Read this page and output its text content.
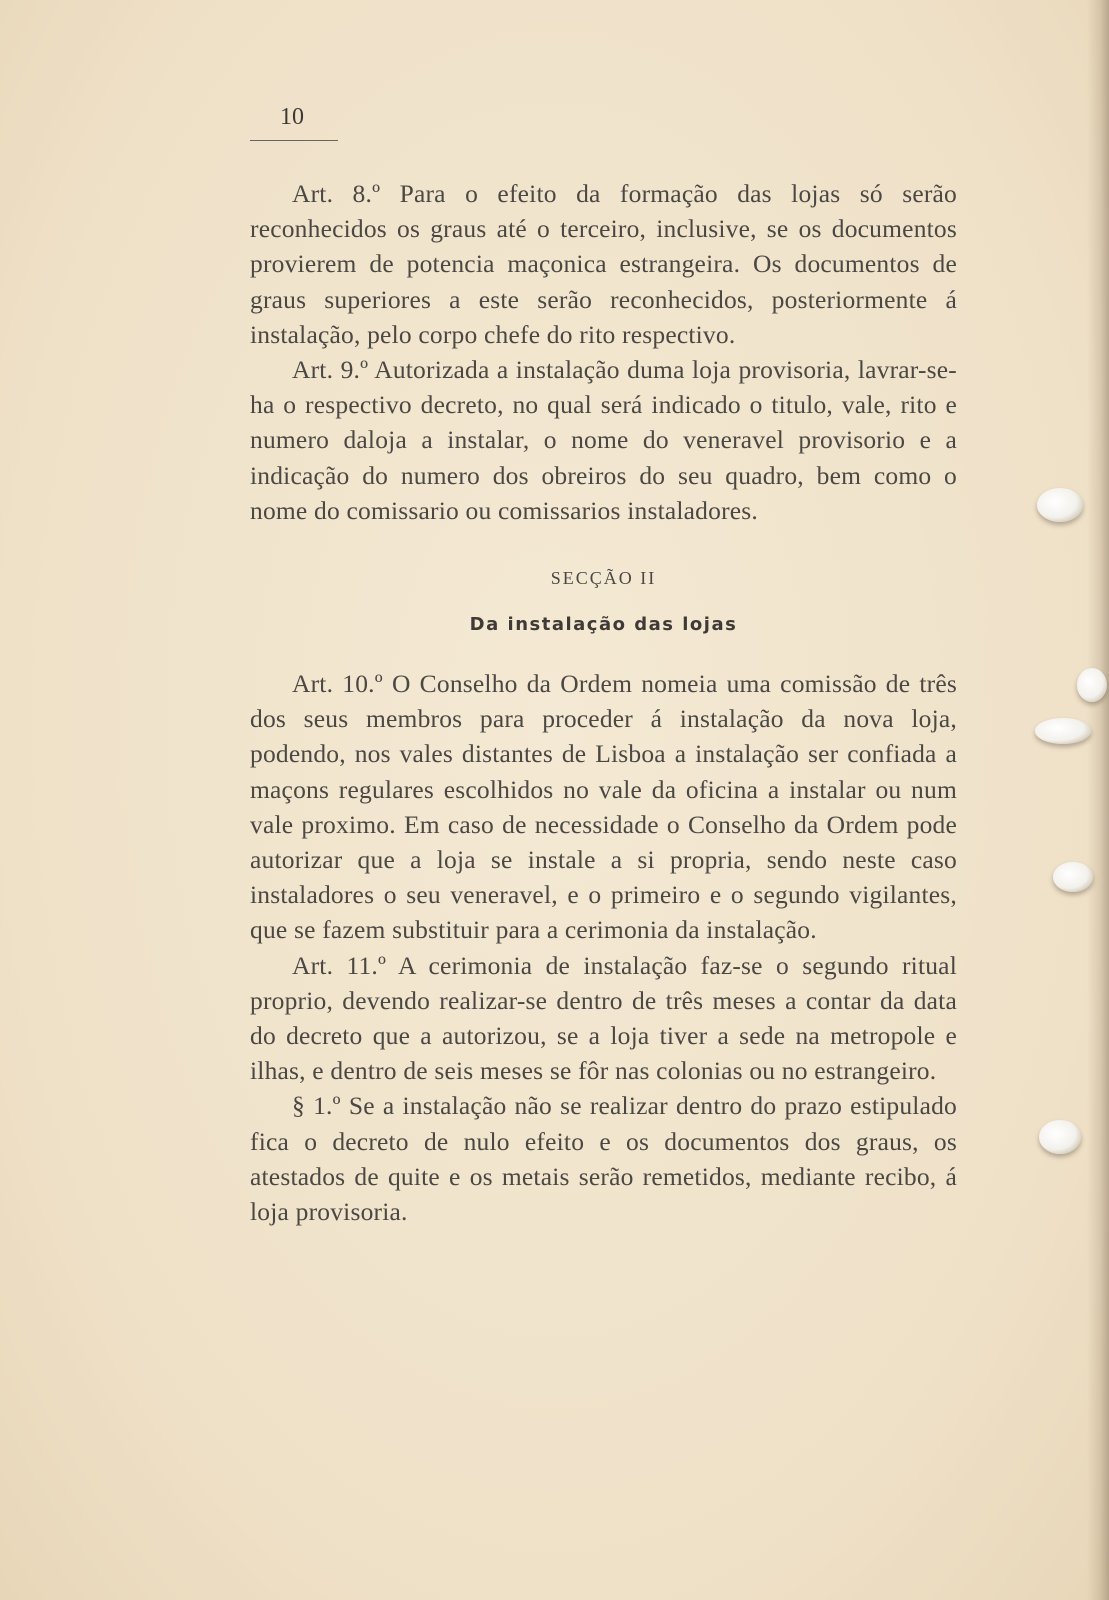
10

Art. 8.º Para o efeito da formação das lojas só serão reconhecidos os graus até o terceiro, inclusive, se os documentos provierem de potencia maçonica estrangeira. Os documentos de graus superiores a este serão reconhecidos, posteriormente á instalação, pelo corpo chefe do rito respectivo.

Art. 9.º Autorizada a instalação duma loja provisoria, lavrar-se-ha o respectivo decreto, no qual será indicado o titulo, vale, rito e numero daloja a instalar, o nome do veneravel provisorio e a indicação do numero dos obreiros do seu quadro, bem como o nome do comissario ou comissarios instaladores.

SECÇÃO II
Da instalação das lojas

Art. 10.º O Conselho da Ordem nomeia uma comissão de três dos seus membros para proceder á instalação da nova loja, podendo, nos vales distantes de Lisboa a instalação ser confiada a maçons regulares escolhidos no vale da oficina a instalar ou num vale proximo. Em caso de necessidade o Conselho da Ordem pode autorizar que a loja se instale a si propria, sendo neste caso instaladores o seu veneravel, e o primeiro e o segundo vigilantes, que se fazem substituir para a cerimonia da instalação.

Art. 11.º A cerimonia de instalação faz-se o segundo ritual proprio, devendo realizar-se dentro de três meses a contar da data do decreto que a autorizou, se a loja tiver a sede na metropole e ilhas, e dentro de seis meses se fôr nas colonias ou no estrangeiro.

§ 1.º Se a instalação não se realizar dentro do prazo estipulado fica o decreto de nulo efeito e os documentos dos graus, os atestados de quite e os metais serão remetidos, mediante recibo, á loja provisoria.
